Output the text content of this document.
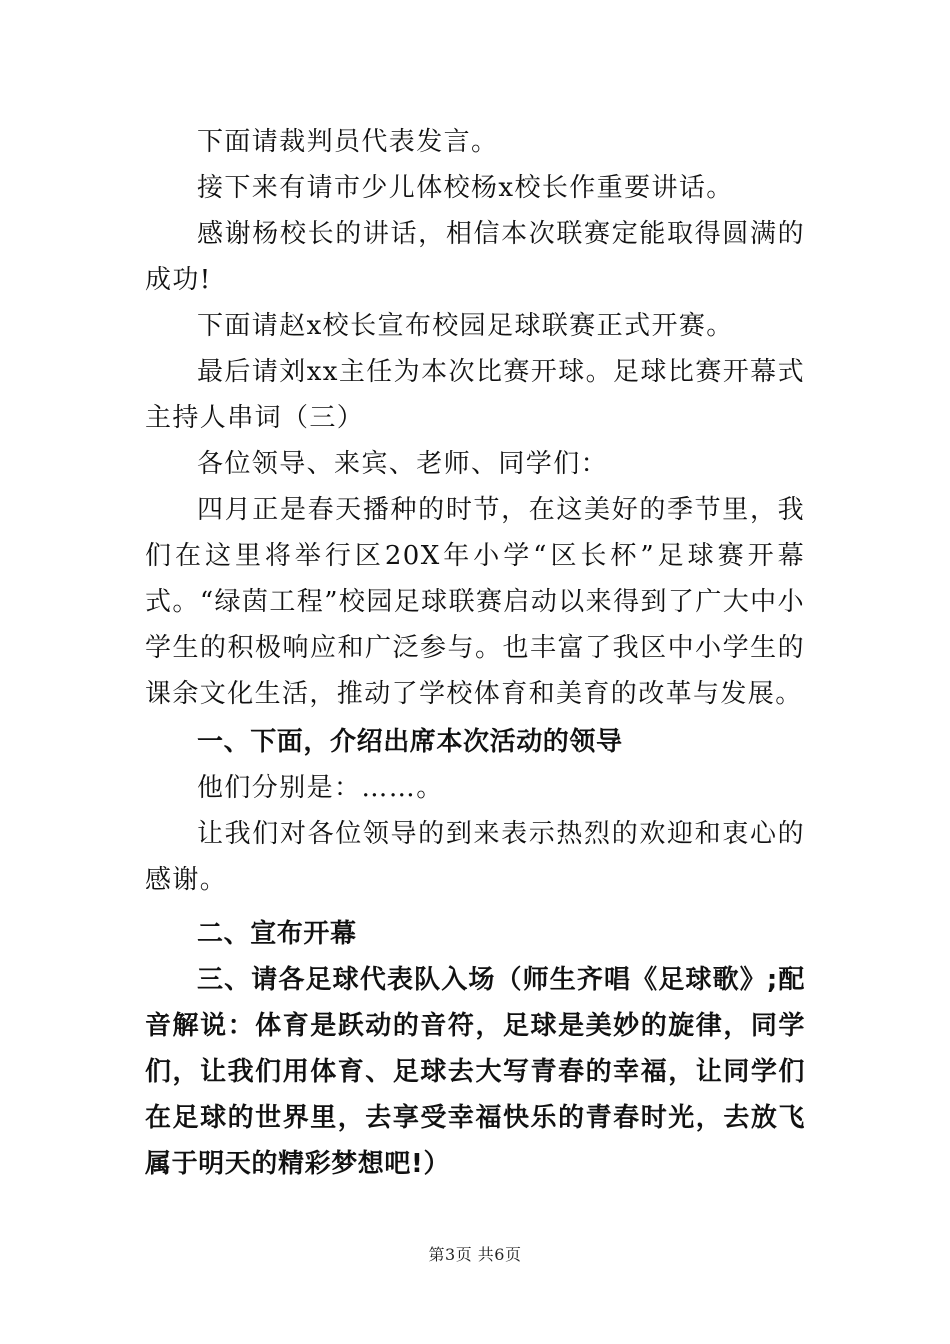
下面请裁判员代表发言。

接下来有请市少儿体校杨x校长作重要讲话。

感谢杨校长的讲话，相信本次联赛定能取得圆满的成功!

下面请赵x校长宣布校园足球联赛正式开赛。

最后请刘xx主任为本次比赛开球。足球比赛开幕式主持人串词（三）

各位领导、来宾、老师、同学们：

四月正是春天播种的时节，在这美好的季节里，我们在这里将举行区20X年小学“区长杯”足球赛开幕式。“绿茵工程”校园足球联赛启动以来得到了广大中小学生的积极响应和广泛参与。也丰富了我区中小学生的课余文化生活，推动了学校体育和美育的改革与发展。

一、下面，介绍出席本次活动的领导

他们分别是：……。

让我们对各位领导的到来表示热烈的欢迎和衷心的感谢。

二、宣布开幕

三、请各足球代表队入场（师生齐唱《足球歌》;配音解说：体育是跃动的音符，足球是美妙的旋律，同学们，让我们用体育、足球去大写青春的幸福，让同学们在足球的世界里，去享受幸福快乐的青春时光，去放飞属于明天的精彩梦想吧!）

第3页 共6页
